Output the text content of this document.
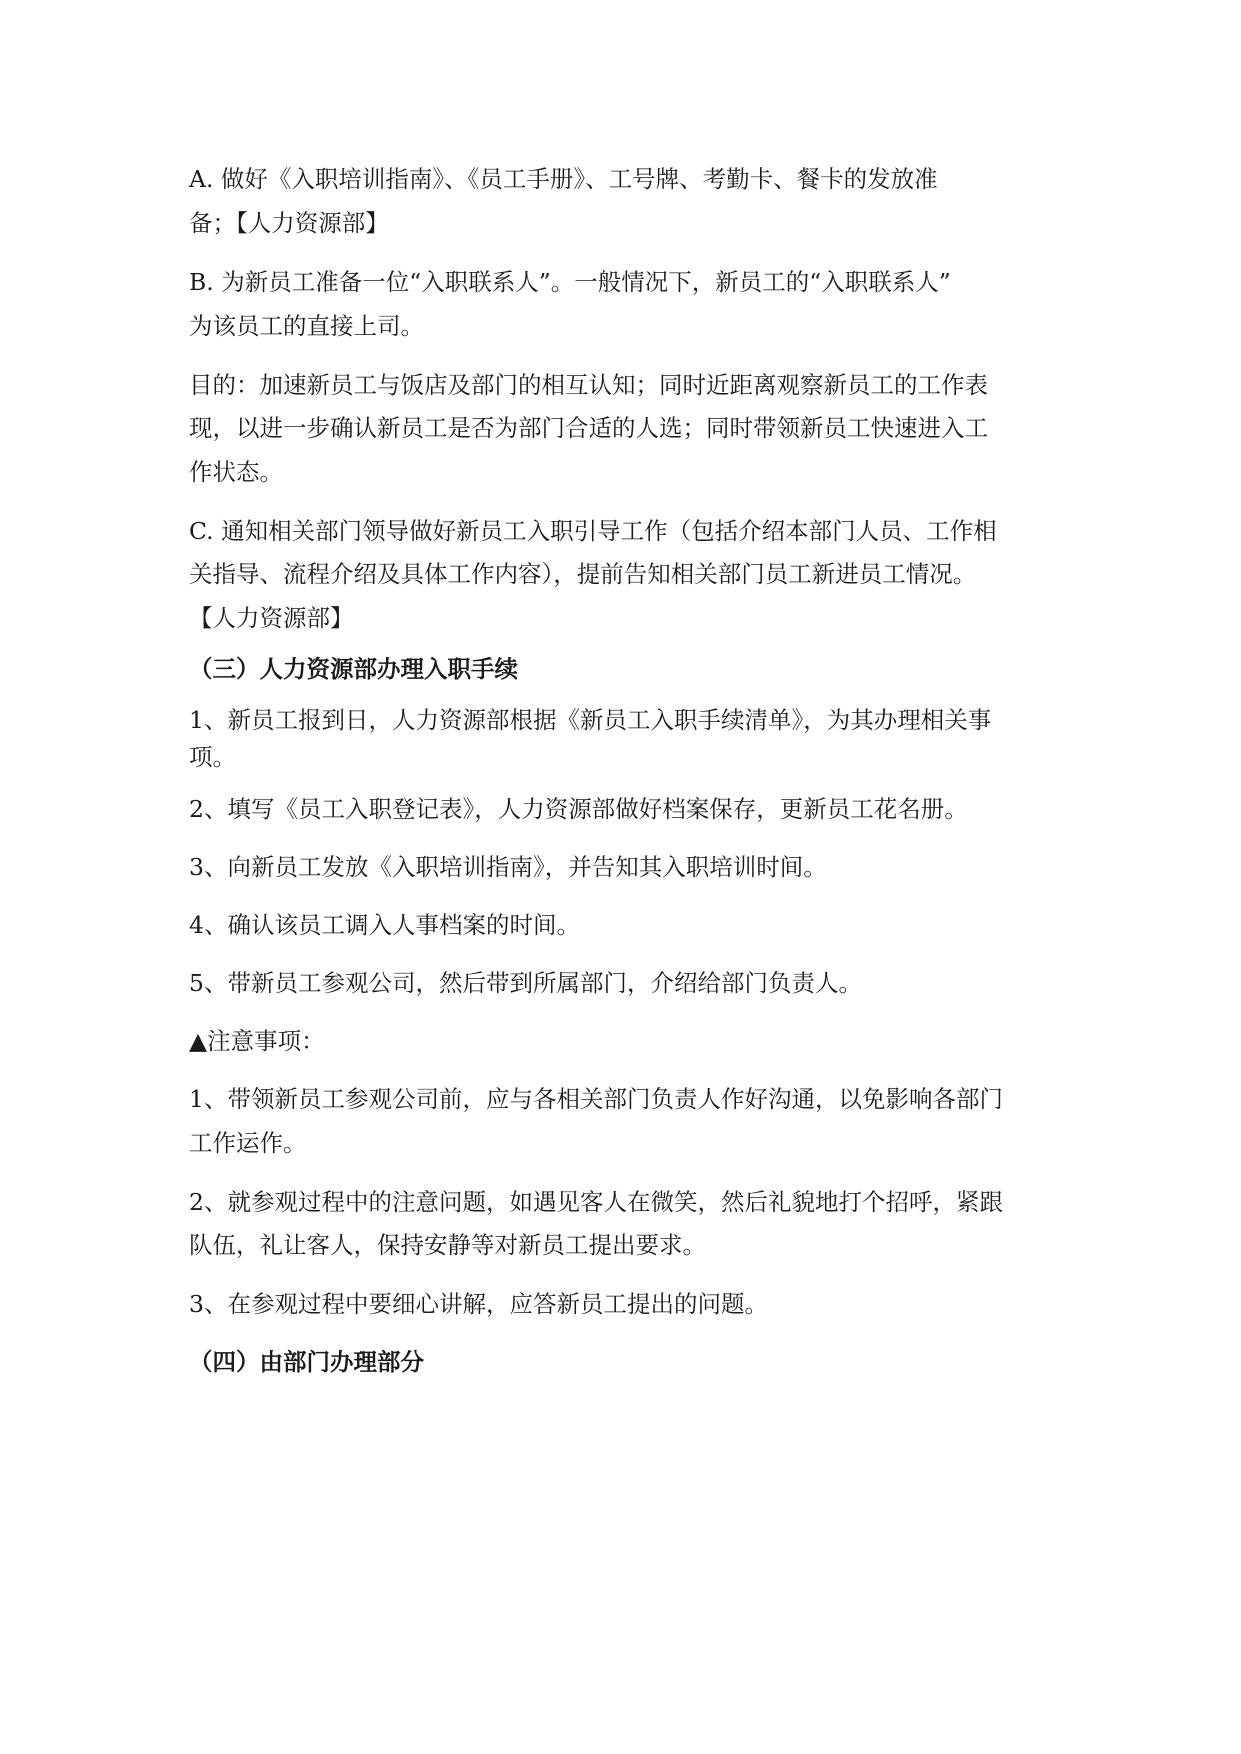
A. 做好《入职培训指南》、《员工手册》、工号牌、考勤卡、餐卡的发放准
备；【人力资源部】
B. 为新员工准备一位“入职联系人”。一般情况下，新员工的“入职联系人”
为该员工的直接上司。
目的：加速新员工与饭店及部门的相互认知；同时近距离观察新员工的工作表
现，以进一步确认新员工是否为部门合适的人选；同时带领新员工快速进入工
作状态。
C. 通知相关部门领导做好新员工入职引导工作（包括介绍本部门人员、工作相
关指导、流程介绍及具体工作内容），提前告知相关部门员工新进员工情况。
【人力资源部】
（三）人力资源部办理入职手续
1、新员工报到日，人力资源部根据《新员工入职手续清单》，为其办理相关事
项。
2、填写《员工入职登记表》，人力资源部做好档案保存，更新员工花名册。
3、向新员工发放《入职培训指南》，并告知其入职培训时间。
4、确认该员工调入人事档案的时间。
5、带新员工参观公司，然后带到所属部门，介绍给部门负责人。
▲注意事项：
1、带领新员工参观公司前，应与各相关部门负责人作好沟通，以免影响各部门
工作运作。
2、就参观过程中的注意问题，如遇见客人在微笑，然后礼貌地打个招呼，紧跟
队伍，礼让客人，保持安静等对新员工提出要求。
3、在参观过程中要细心讲解，应答新员工提出的问题。
（四）由部门办理部分
